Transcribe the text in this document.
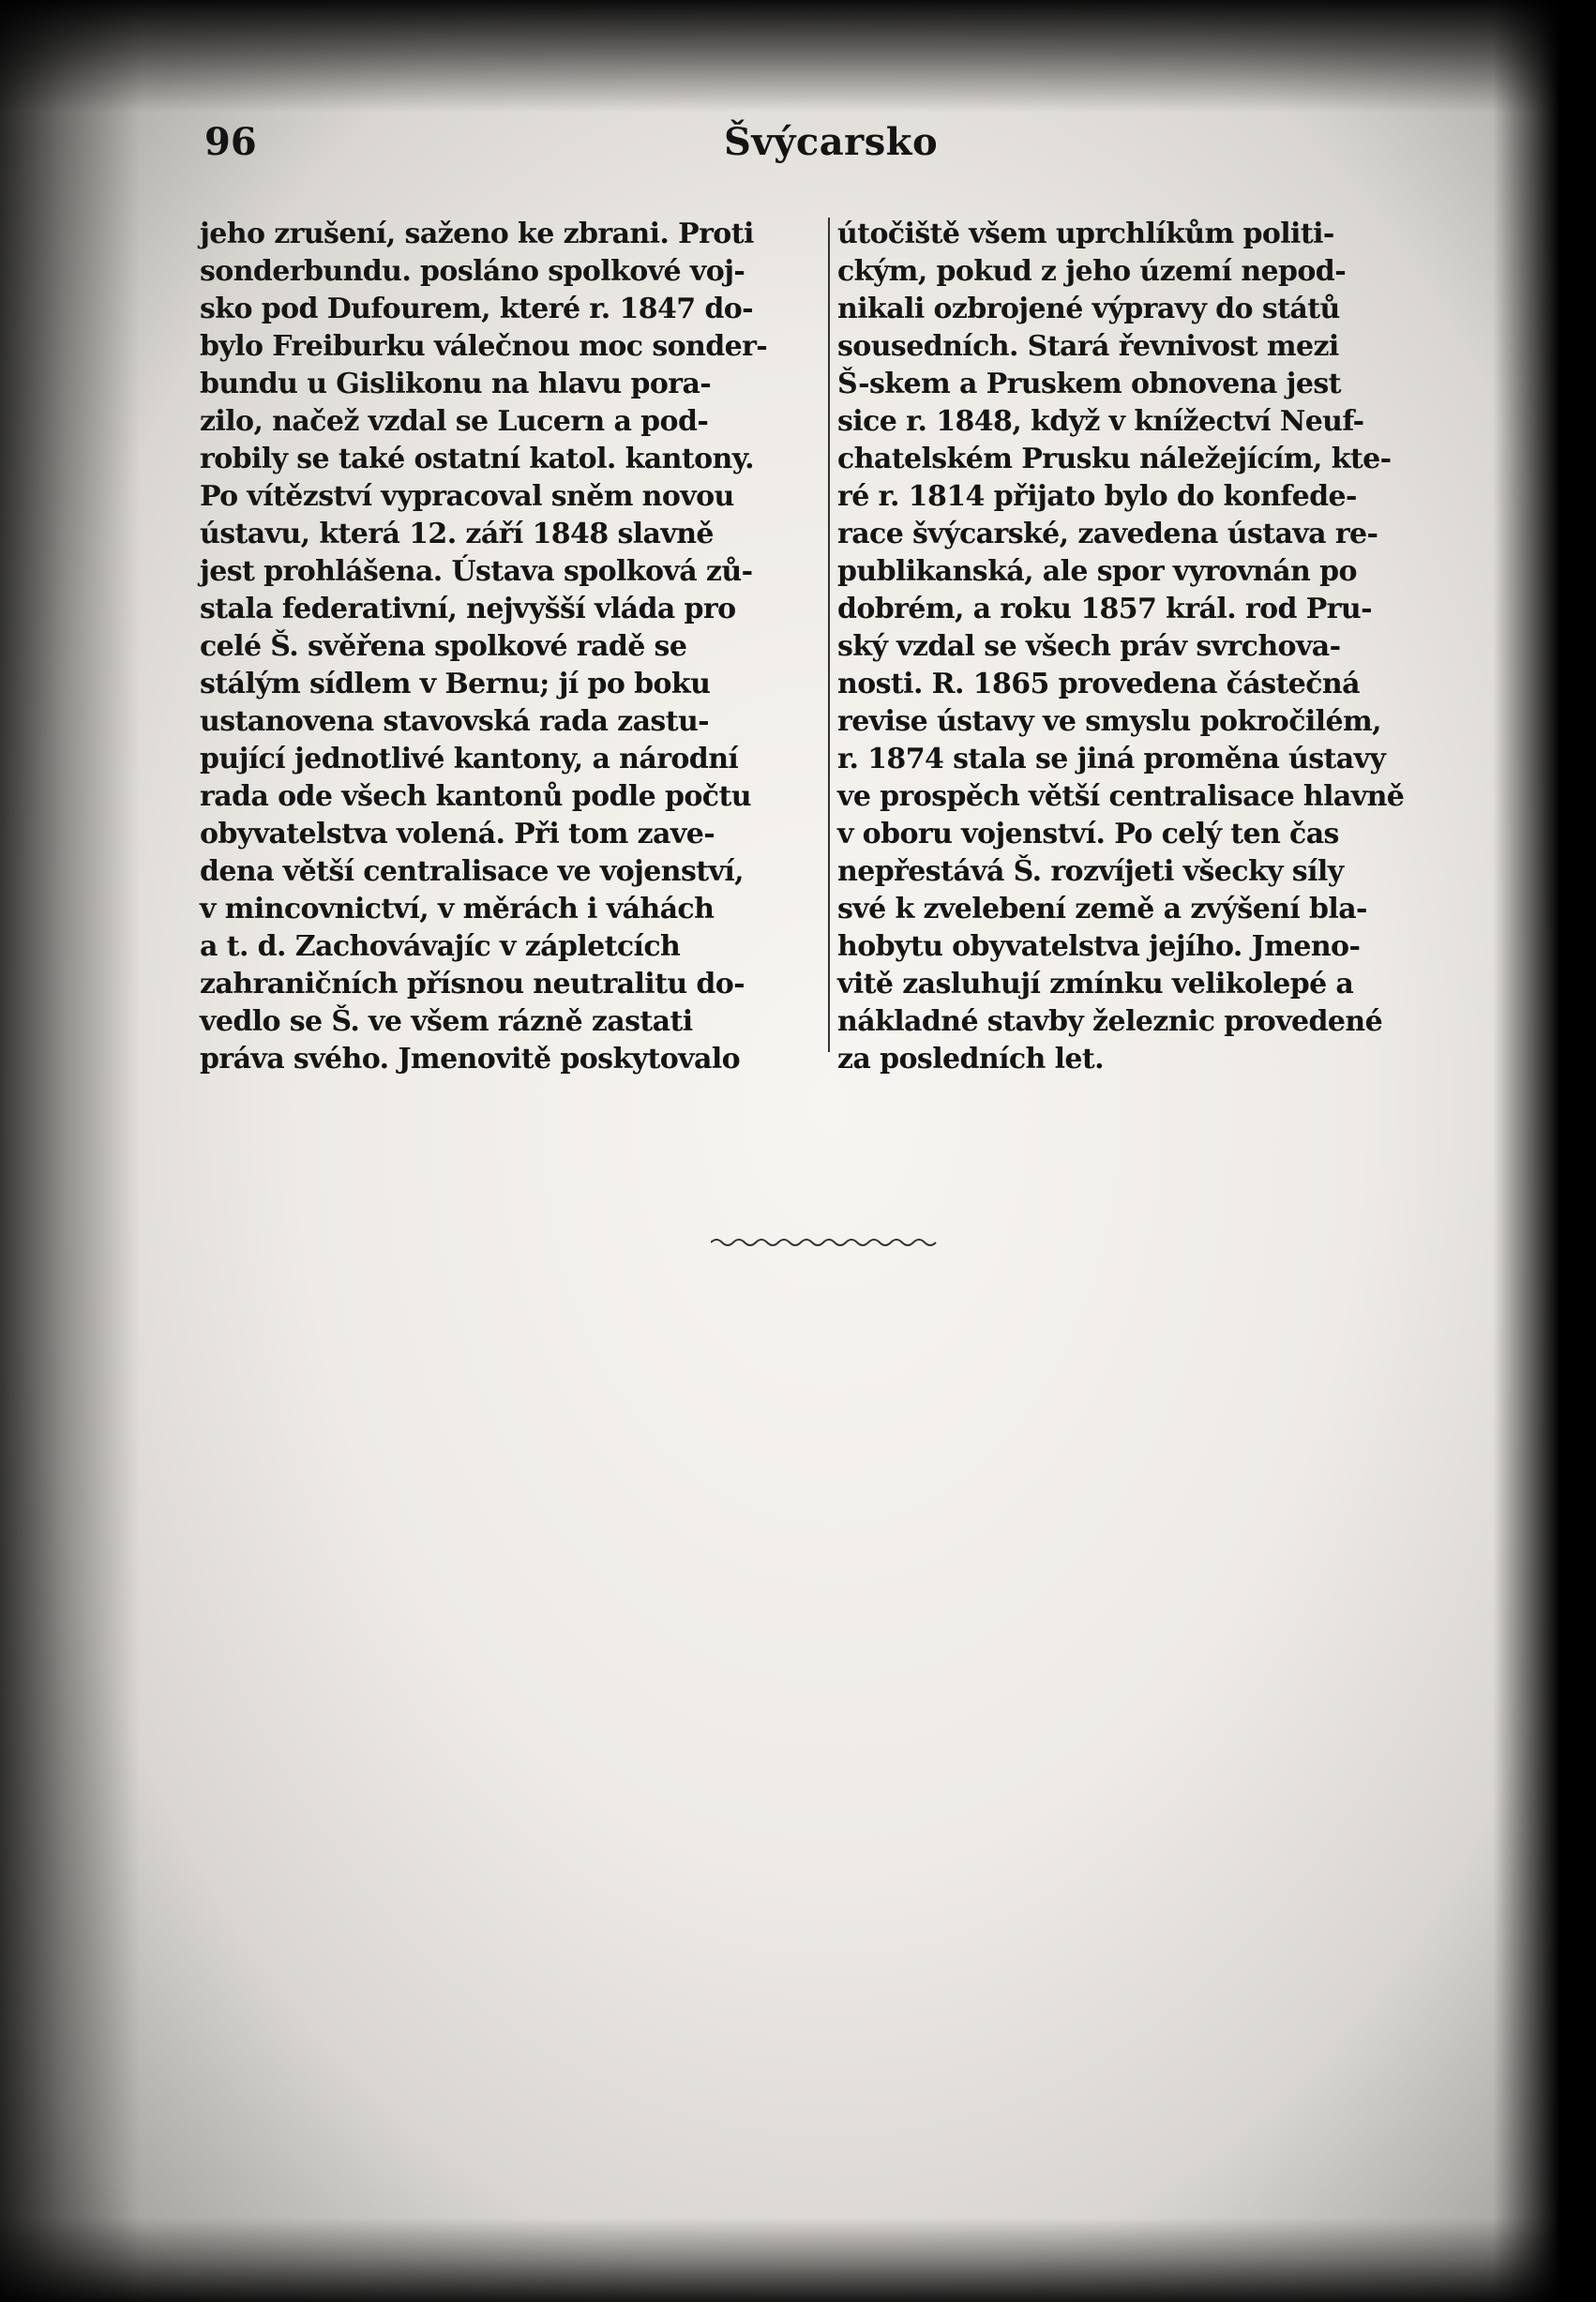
96	Švýcarsko
jeho zrušení, saženo ke zbrani. Proti
sonderbundu. posláno spolkové voj-
sko pod Dufourem, které r. 1847 do-
bylo Freiburku válečnou moc sonder-
bundu u Gislikonu na hlavu pora-
zilo, načež vzdal se Lucern a pod-
robily se také ostatní katol. kantony.
Po vítězství vypracoval sněm novou
ústavu, která 12. září 1848 slavně
jest prohlášena. Ústava spolková zů-
stala federativní, nejvyšší vláda pro
celé Š. svěřena spolkové radě se
stálým sídlem v Bernu; jí po boku
ustanovena stavovská rada zastu-
pující jednotlivé kantony, a národní
rada ode všech kantonů podle počtu
obyvatelstva volená. Při tom zave-
dena větší centralisace ve vojenství,
v mincovnictví, v měrách i váhách
a t. d. Zachovávajíc v zápletcích
zahraničních přísnou neutralitu do-
vedlo se Š. ve všem rázně zastati
práva svého. Jmenovitě poskytovalo
útočiště všem uprchlíkům politi-
ckým, pokud z jeho území nepod-
nikali ozbrojené výpravy do států
sousedních. Stará řevnivost mezi
Š-skem a Pruskem obnovena jest
sice r. 1848, když v knížectví Neuf-
chatelském Prusku náležejícím, kte-
ré r. 1814 přijato bylo do konfede-
race švýcarské, zavedena ústava re-
publikanská, ale spor vyrovnán po
dobrém, a roku 1857 král. rod Pru-
ský vzdal se všech práv svrchova-
nosti. R. 1865 provedena částečná
revise ústavy ve smyslu pokročilém,
r. 1874 stala se jiná proměna ústavy
ve prospěch větší centralisace hlavně
v oboru vojenství. Po celý ten čas
nepřestává Š. rozvíjeti všecky síly
své k zvelebení země a zvýšení bla-
hobytu obyvatelstva jejího. Jmeno-
vitě zasluhují zmínku velikolepé a
nákladné stavby železnic provedené
za posledních let.
